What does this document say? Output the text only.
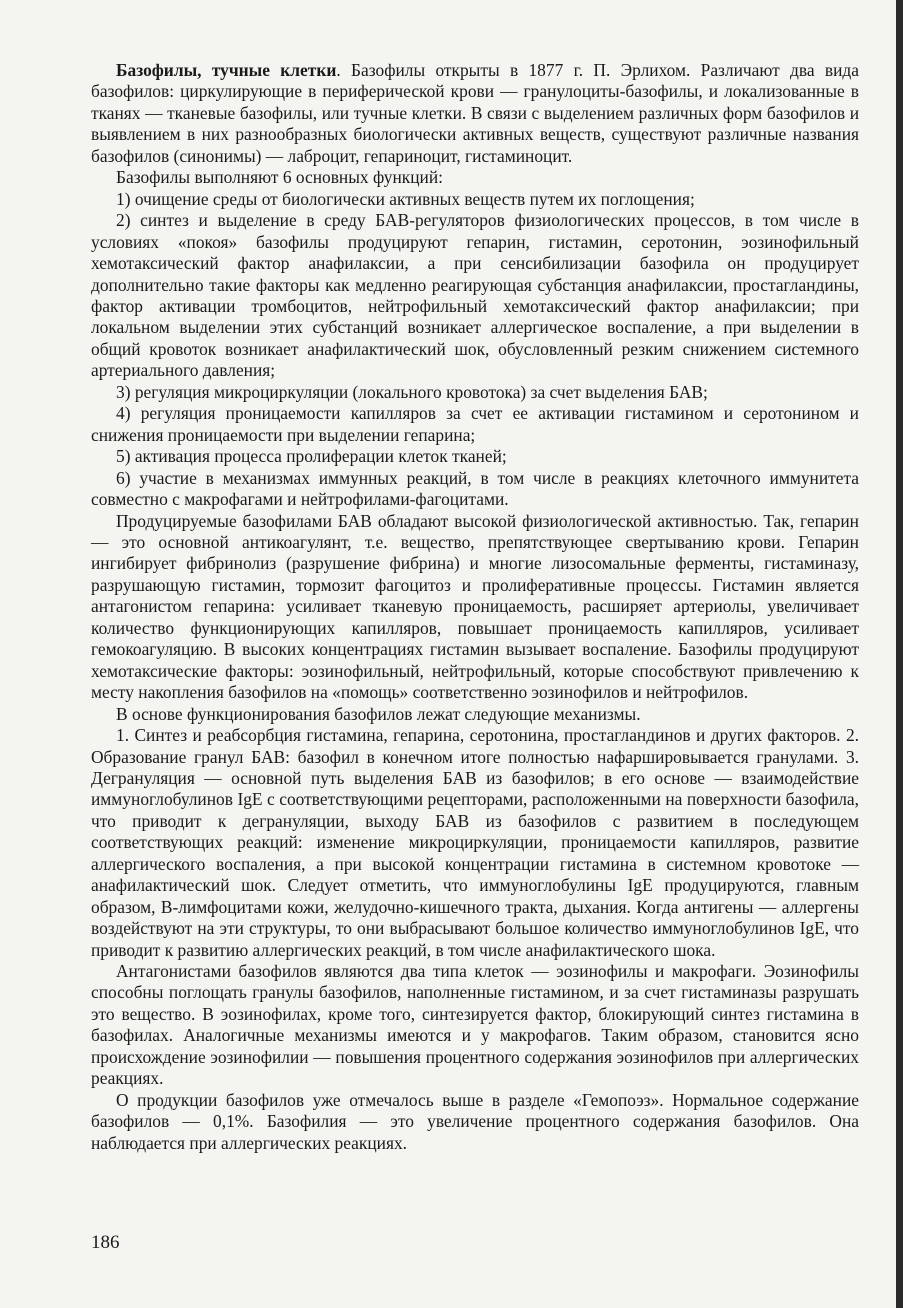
Базофилы, тучные клетки. Базофилы открыты в 1877 г. П. Эрлихом. Различают два вида базофилов: циркулирующие в периферической крови — гранулоциты-базофилы, и локализованные в тканях — тканевые базофилы, или тучные клетки. В связи с выделением различных форм базофилов и выявлением в них разнообразных биологически активных веществ, существуют различные названия базофилов (синонимы) — лаброцит, гепариноцит, гистаминоцит.

Базофилы выполняют 6 основных функций:

1) очищение среды от биологически активных веществ путем их поглощения;

2) синтез и выделение в среду БАВ-регуляторов физиологических процессов, в том числе в условиях «покоя» базофилы продуцируют гепарин, гистамин, серотонин, эозинофильный хемотаксический фактор анафилаксии, а при сенсибилизации базофила он продуцирует дополнительно такие факторы как медленно реагирующая субстанция анафилаксии, простагландины, фактор активации тромбоцитов, нейтрофильный хемотаксический фактор анафилаксии; при локальном выделении этих субстанций возникает аллергическое воспаление, а при выделении в общий кровоток возникает анафилактический шок, обусловленный резким снижением системного артериального давления;

3) регуляция микроциркуляции (локального кровотока) за счет выделения БАВ;

4) регуляция проницаемости капилляров за счет ее активации гистамином и серотонином и снижения проницаемости при выделении гепарина;

5) активация процесса пролиферации клеток тканей;

6) участие в механизмах иммунных реакций, в том числе в реакциях клеточного иммунитета совместно с макрофагами и нейтрофилами-фагоцитами.

Продуцируемые базофилами БАВ обладают высокой физиологической активностью. Так, гепарин — это основной антикоагулянт, т.е. вещество, препятствующее свертыванию крови. Гепарин ингибирует фибринолиз (разрушение фибрина) и многие лизосомальные ферменты, гистаминазу, разрушающую гистамин, тормозит фагоцитоз и пролиферативные процессы. Гистамин является антагонистом гепарина: усиливает тканевую проницаемость, расширяет артериолы, увеличивает количество функционирующих капилляров, повышает проницаемость капилляров, усиливает гемокоагуляцию. В высоких концентрациях гистамин вызывает воспаление. Базофилы продуцируют хемотаксические факторы: эозинофильный, нейтрофильный, которые способствуют привлечению к месту накопления базофилов на «помощь» соответственно эозинофилов и нейтрофилов.

В основе функционирования базофилов лежат следующие механизмы.

1. Синтез и реабсорбция гистамина, гепарина, серотонина, простагландинов и других факторов. 2. Образование гранул БАВ: базофил в конечном итоге полностью нафаршировывается гранулами. 3. Дегрануляция — основной путь выделения БАВ из базофилов; в его основе — взаимодействие иммуноглобулинов IgE с соответствующими рецепторами, расположенными на поверхности базофила, что приводит к дегрануляции, выходу БАВ из базофилов с развитием в последующем соответствующих реакций: изменение микроциркуляции, проницаемости капилляров, развитие аллергического воспаления, а при высокой концентрации гистамина в системном кровотоке — анафилактический шок. Следует отметить, что иммуноглобулины IgE продуцируются, главным образом, В-лимфоцитами кожи, желудочно-кишечного тракта, дыхания. Когда антигены — аллергены воздействуют на эти структуры, то они выбрасывают большое количество иммуноглобулинов IgE, что приводит к развитию аллергических реакций, в том числе анафилактического шока.

Антагонистами базофилов являются два типа клеток — эозинофилы и макрофаги. Эозинофилы способны поглощать гранулы базофилов, наполненные гистамином, и за счет гистаминазы разрушать это вещество. В эозинофилах, кроме того, синтезируется фактор, блокирующий синтез гистамина в базофилах. Аналогичные механизмы имеются и у макрофагов. Таким образом, становится ясно происхождение эозинофилии — повышения процентного содержания эозинофилов при аллергических реакциях.

О продукции базофилов уже отмечалось выше в разделе «Гемопоэз». Нормальное содержание базофилов — 0,1%. Базофилия — это увеличение процентного содержания базофилов. Она наблюдается при аллергических реакциях.

186
